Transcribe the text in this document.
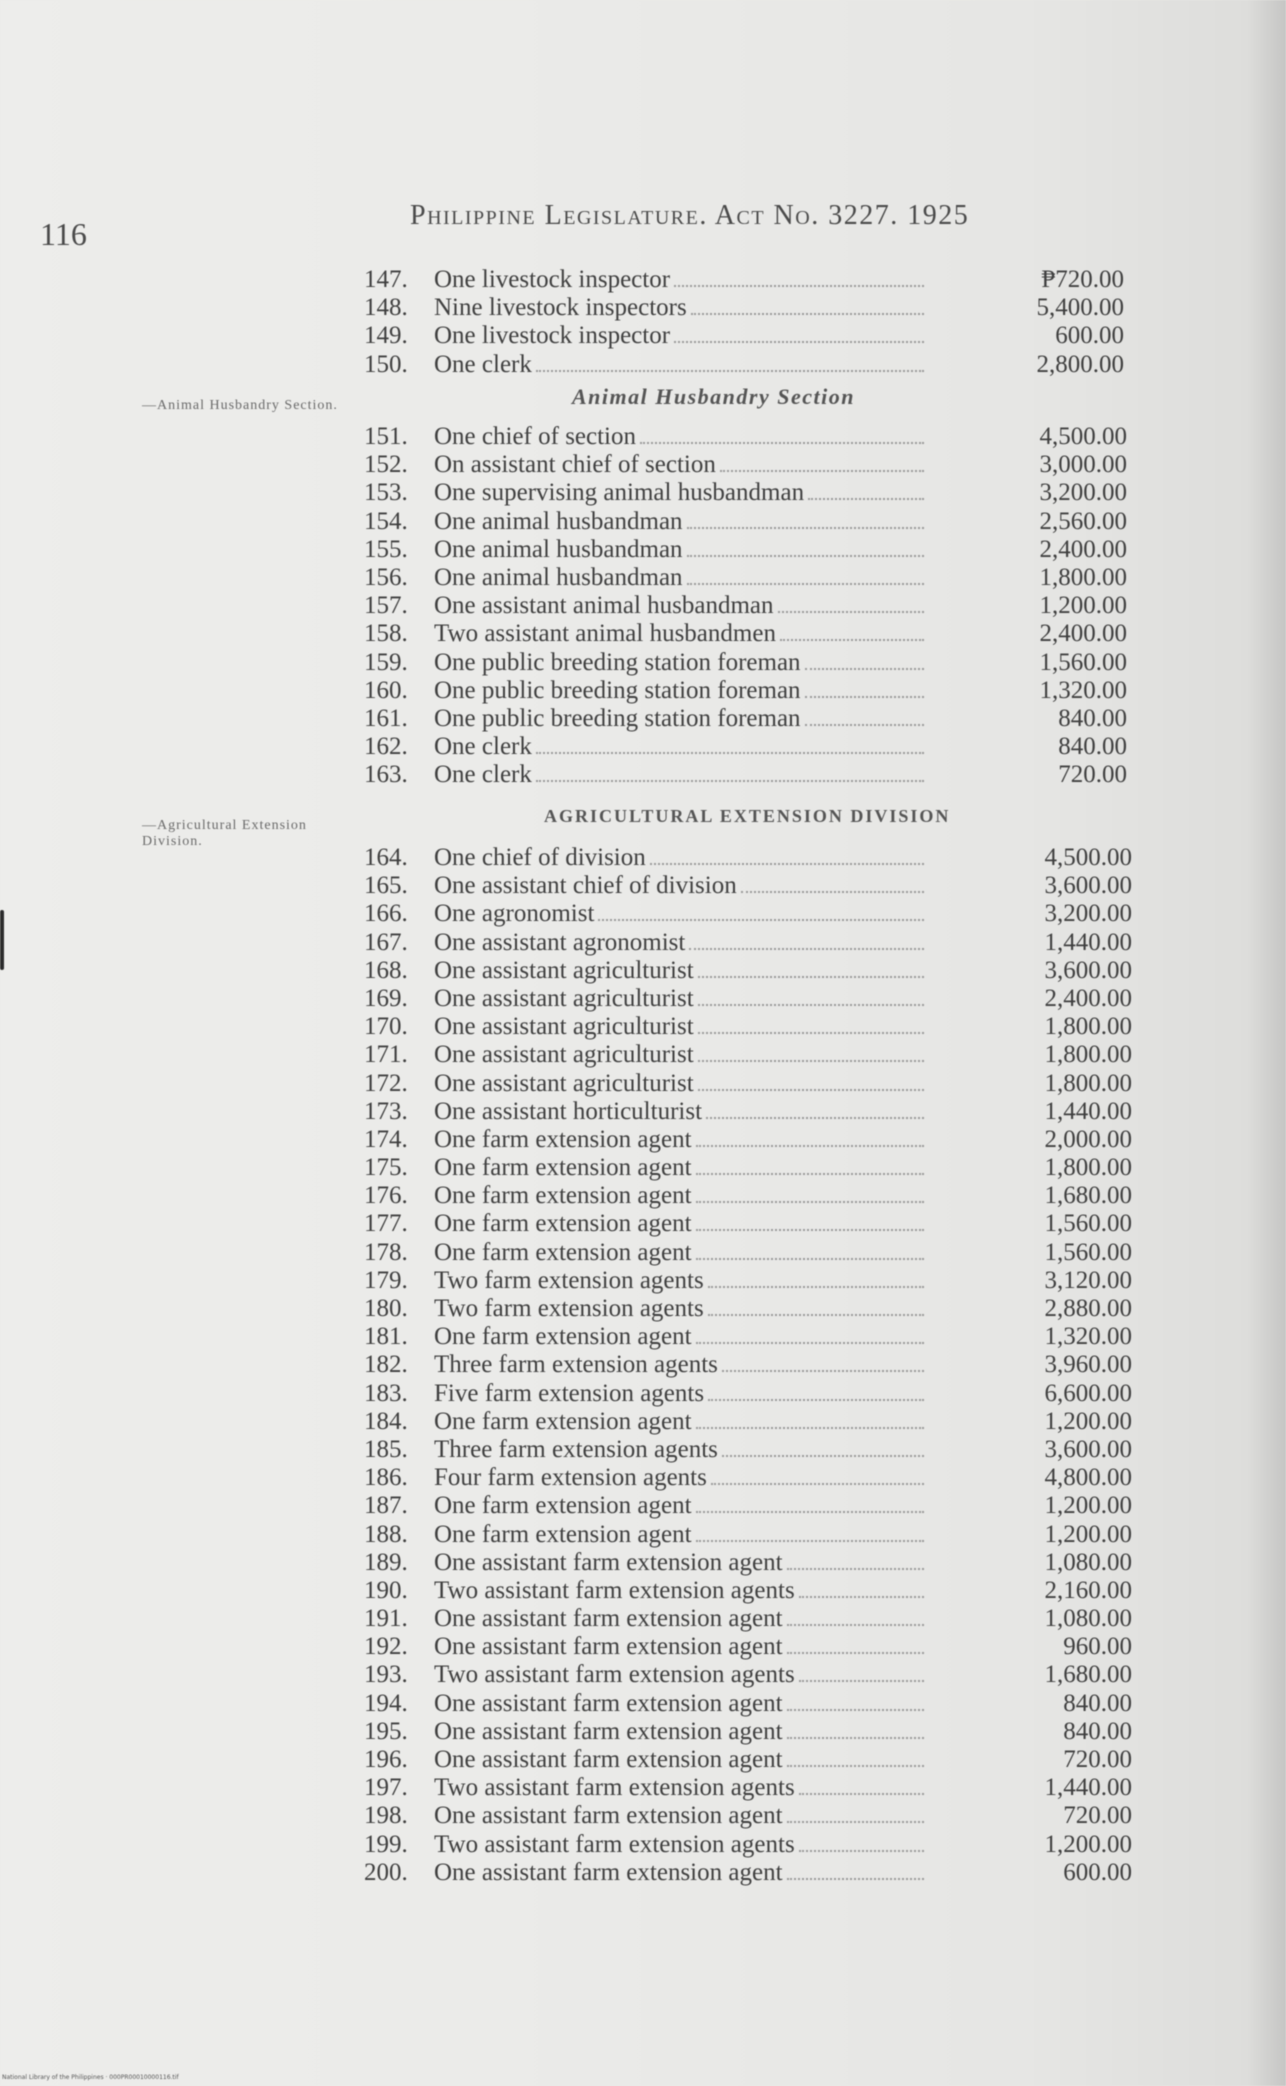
116
Philippine Legislature. Act No. 3227. 1925
—Animal Husbandry Section.
—Agricultural Extension Division.
147.	One livestock inspector	₱720.00
148.	Nine livestock inspectors	5,400.00
149.	One livestock inspector	600.00
150.	One clerk	2,800.00
Animal Husbandry Section
151.	One chief of section	4,500.00
152.	On assistant chief of section	3,000.00
153.	One supervising animal husbandman	3,200.00
154.	One animal husbandman	2,560.00
155.	One animal husbandman	2,400.00
156.	One animal husbandman	1,800.00
157.	One assistant animal husbandman	1,200.00
158.	Two assistant animal husbandmen	2,400.00
159.	One public breeding station foreman	1,560.00
160.	One public breeding station foreman	1,320.00
161.	One public breeding station foreman	840.00
162.	One clerk	840.00
163.	One clerk	720.00
AGRICULTURAL EXTENSION DIVISION
164.	One chief of division	4,500.00
165.	One assistant chief of division	3,600.00
166.	One agronomist	3,200.00
167.	One assistant agronomist	1,440.00
168.	One assistant agriculturist	3,600.00
169.	One assistant agriculturist	2,400.00
170.	One assistant agriculturist	1,800.00
171.	One assistant agriculturist	1,800.00
172.	One assistant agriculturist	1,800.00
173.	One assistant horticulturist	1,440.00
174.	One farm extension agent	2,000.00
175.	One farm extension agent	1,800.00
176.	One farm extension agent	1,680.00
177.	One farm extension agent	1,560.00
178.	One farm extension agent	1,560.00
179.	Two farm extension agents	3,120.00
180.	Two farm extension agents	2,880.00
181.	One farm extension agent	1,320.00
182.	Three farm extension agents	3,960.00
183.	Five farm extension agents	6,600.00
184.	One farm extension agent	1,200.00
185.	Three farm extension agents	3,600.00
186.	Four farm extension agents	4,800.00
187.	One farm extension agent	1,200.00
188.	One farm extension agent	1,200.00
189.	One assistant farm extension agent	1,080.00
190.	Two assistant farm extension agents	2,160.00
191.	One assistant farm extension agent	1,080.00
192.	One assistant farm extension agent	960.00
193.	Two assistant farm extension agents	1,680.00
194.	One assistant farm extension agent	840.00
195.	One assistant farm extension agent	840.00
196.	One assistant farm extension agent	720.00
197.	Two assistant farm extension agents	1,440.00
198.	One assistant farm extension agent	720.00
199.	Two assistant farm extension agents	1,200.00
200.	One assistant farm extension agent	600.00
National Library of the Philippines · 000PR00010000116.tif
